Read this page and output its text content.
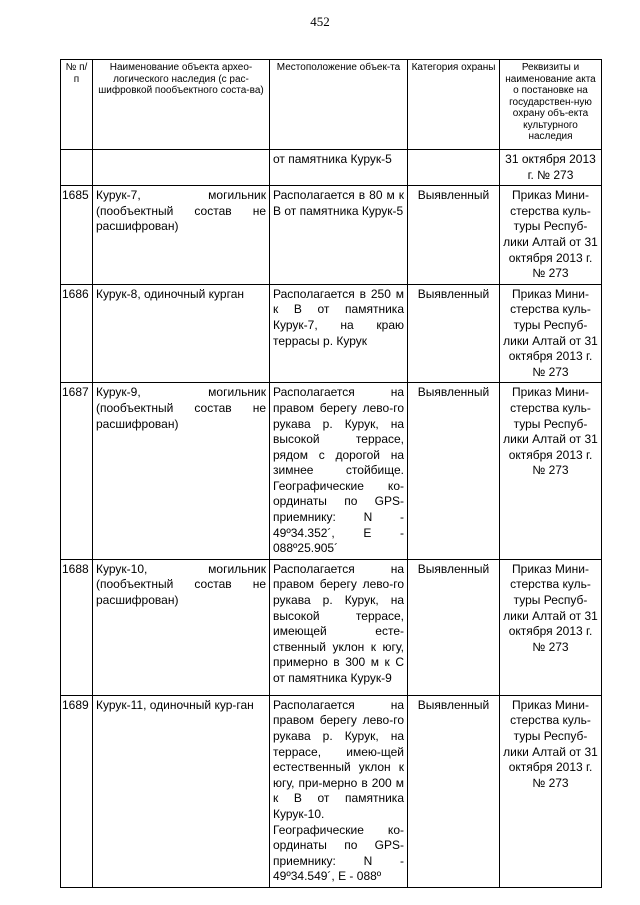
452
№ п/п	Наименование объекта архео-логического наследия (с рас-шифровкой пообъектного соста-ва)	Местоположение объек-та	Категория охраны	Реквизиты и наименование акта о постановке на государствен-ную охрану объ-екта культурного наследия
		от памятника Курук-5		31 октября 2013 г. № 273
1685	Курук-7, могильник (пообъектный состав не расшифрован)	Располагается в 80 м к В от памятника Курук-5	Выявленный	Приказ Мини-стерства куль-туры Респуб-лики Алтай от 31 октября 2013 г. № 273
1686	Курук-8, одиночный курган	Располагается в 250 м к В от памятника Курук-7, на краю террасы р. Курук	Выявленный	Приказ Мини-стерства куль-туры Респуб-лики Алтай от 31 октября 2013 г. № 273
1687	Курук-9, могильник (пообъектный состав не расшифрован)	Располагается на правом берегу лево-го рукава р. Курук, на высокой террасе, рядом с дорогой на зимнее стойбище. Географические ко-ординаты по GPS-приемнику: N - 49º34.352´, E - 088º25.905´	Выявленный	Приказ Мини-стерства куль-туры Респуб-лики Алтай от 31 октября 2013 г. № 273
1688	Курук-10, могильник (пообъектный состав не расшифрован)	Располагается на правом берегу лево-го рукава р. Курук, на высокой террасе, имеющей есте-ственный уклон к югу, примерно в 300 м к С от памятника Курук-9	Выявленный	Приказ Мини-стерства куль-туры Респуб-лики Алтай от 31 октября 2013 г. № 273
1689	Курук-11, одиночный кур-ган	Располагается на правом берегу лево-го рукава р. Курук, на террасе, имею-щей естественный уклон к югу, при-мерно в 200 м к В от памятника Курук-10. Географические ко-ординаты по GPS-приемнику: N - 49º34.549´, E - 088º	Выявленный	Приказ Мини-стерства куль-туры Респуб-лики Алтай от 31 октября 2013 г. № 273
